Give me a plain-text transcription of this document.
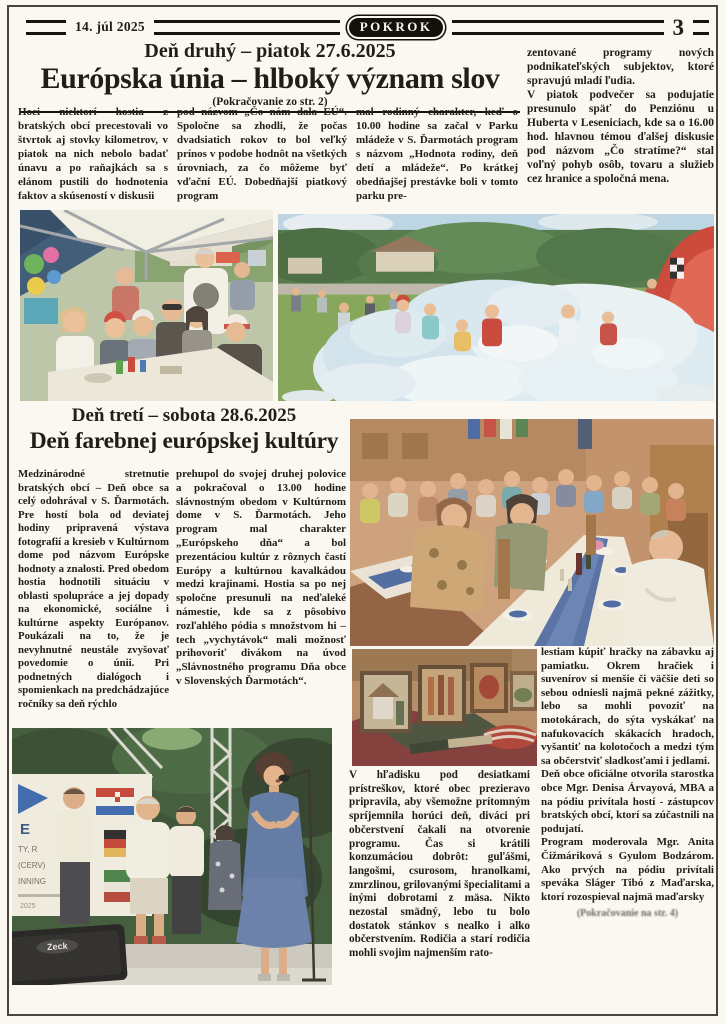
14. júl 2025	POKROK	3
Deň druhý – piatok 27.6.2025
Európska únia – hlboký význam slov
(Pokračovanie zo str. 2)
Hoci niektorí hostia z bratských obcí precestovali vo štvrtok aj stovky kilometrov, v piatok na nich nebolo badať únavu a po raňajkách sa s elánom pustili do hodnotenia faktov a skúseností v diskusii
pod názvom „Čo nám dala EÚ“. Spoločne sa zhodli, že počas dvadsiatich rokov to bol veľký prínos v podobe hodnôt na všetkých úrovniach, za čo môžeme byť vďační EÚ. Dobedňajší piatkový program
mal rodinný charakter, keď o 10.00 hodine sa začal v Parku mládeže v S. Ďarmotách program s názvom „Hodnota rodiny, deň detí a mládeže“. Po krátkej obedňajšej prestávke boli v tomto parku pre-

zentované programy nových podnikateľských subjektov, ktoré spravujú mladí ľudia.

V piatok podvečer sa podujatie presunulo späť do Penziónu u Huberta v Leseniciach, kde sa o 16.00 hod. hlavnou témou ďalšej diskusie pod názvom „Čo stratíme?“ stal voľný pohyb osôb, tovaru a služieb cez hranice a spoločná mena.

Deň tretí – sobota 28.6.2025
Deň farebnej európskej kultúry
Medzinárodné stretnutie bratských obcí – Deň obce sa celý odohrával v S. Ďarmotách. Pre hostí bola od deviatej hodiny pripravená výstava fotografií a kresieb v Kultúrnom dome pod názvom Európske hodnoty a znalosti. Pred obedom hostia hodnotili situáciu v oblasti spolupráce a jej dopady na ekonomické, sociálne i kultúrne aspekty Európanov. Poukázali na to, že je nevyhnutné neustále zvyšovať povedomie o únii. Pri podnetných dialógoch i spomienkach na predchádzajúce ročníky sa deň rýchlo
prehupol do svojej druhej polovice a pokračoval o 13.00 hodine slávnostným obedom v Kultúrnom dome v S. Ďarmotách. Jeho program mal charakter „Európskeho dňa“ a bol prezentáciou kultúr z rôznych častí Európy a kultúrnou kavalkádou medzi krajinami. Hostia sa po nej spoločne presunuli na neďaleké námestie, kde sa z pôsobivo rozľahlého pódia s množstvom hi – tech „vychytávok“ mali možnosť prihovoriť divákom na úvod „Slávnostného programu Dňa obce v Slovenských Ďarmotách“.
V hľadisku pod desiatkami prístreškov, ktoré obec prezieravo pripravila, aby všemožne prítomným spríjemnila horúci deň, diváci pri občerstvení čakali na otvorenie programu. Čas si krátili konzumáciou dobrôt: guľášmi, langošmi, csurosom, hranolkami, zmrzlinou, grilovanými špecialitami a inými dobrotami z mäsa. Nikto nezostal smädný, lebo tu bolo dostatok stánkov s nealko i alko občerstvením. Rodičia a starí rodičia mohli svojim najmenším rato-

lestiam kúpiť hračky na zábavku aj pamiatku. Okrem hračiek i suvenírov si menšie či väčšie deti so sebou odniesli najmä pekné zážitky, lebo sa mohli povoziť na motokárach, do sýta vyskákať na nafukovacích skákacích hradoch, vyšantiť na kolotočoch a medzi tým sa občerstviť sladkosťami i jedlami.

Deň obce oficiálne otvorila starostka obce Mgr. Denisa Árvayová, MBA a na pódiu privítala hostí - zástupcov bratských obcí, ktorí sa zúčastnili na podujatí.

Program moderovala Mgr. Anita Čižmáriková s Gyulom Bodzárom. Ako prvých na pódiu privítali speváka Sláger Tibó z Maďarska, ktorí rozospieval najmä maďarsky

(Pokračovanie na str. 4)
E
TY, R
(CERV)
INNING
2025
Zeck
